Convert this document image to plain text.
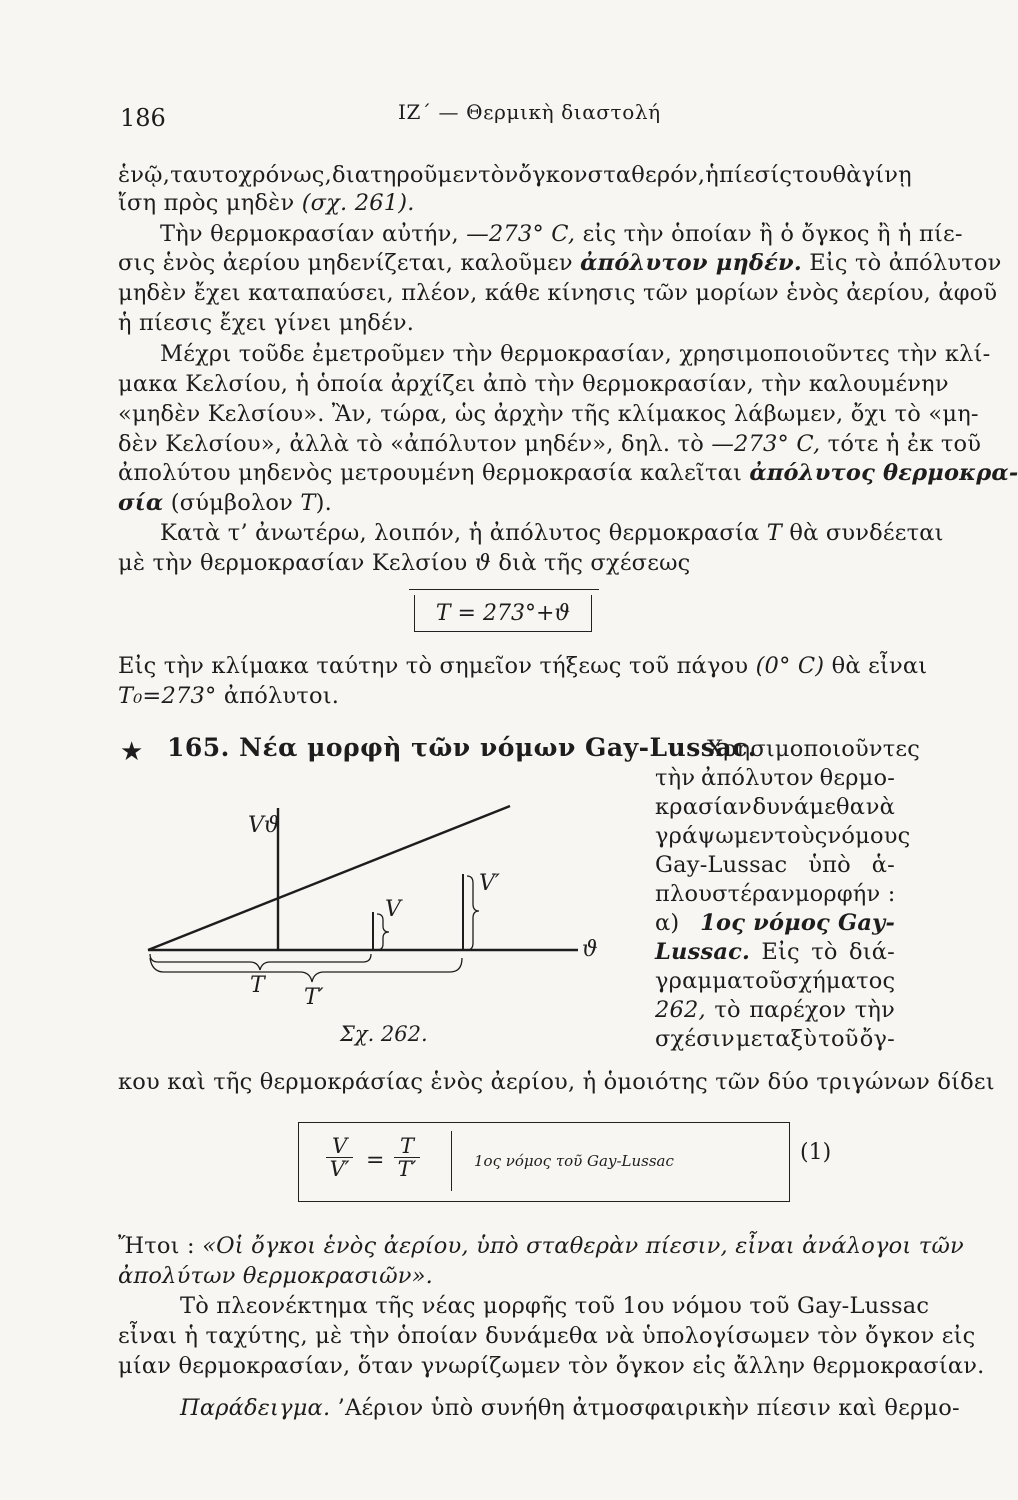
186	ΙΖ΄ — Θερμικὴ διαστολή
ἑνῷ, ταυτοχρόνως, διατηροῦμεν τὸν ὄγκον σταθερόν, ἡ πίεσίς του θὰ γίνῃ
ἴση πρὸς μηδὲν (σχ. 261).
Τὴν θερμοκρασίαν αὐτήν, —273° C, εἰς τὴν ὁποίαν ἢ ὁ ὄγκος ἢ ἡ πίε-
σις ἑνὸς ἀερίου μηδενίζεται, καλοῦμεν ἀπόλυτον μηδέν. Εἰς τὸ ἀπόλυτον
μηδὲν ἔχει καταπαύσει, πλέον, κάθε κίνησις τῶν μορίων ἑνὸς ἀερίου, ἀφοῦ
ἡ πίεσις ἔχει γίνει μηδέν.
Μέχρι τοῦδε ἐμετροῦμεν τὴν θερμοκρασίαν, χρησιμοποιοῦντες τὴν κλί-
μακα Κελσίου, ἡ ὁποία ἀρχίζει ἀπὸ τὴν θερμοκρασίαν, τὴν καλουμένην
«μηδὲν Κελσίου». Ἂν, τώρα, ὡς ἀρχὴν τῆς κλίμακος λάβωμεν, ὄχι τὸ «μη-
δὲν Κελσίου», ἀλλὰ τὸ «ἀπόλυτον μηδέν», δηλ. τὸ —273° C, τότε ἡ ἐκ τοῦ
ἀπολύτου μηδενὸς μετρουμένη θερμοκρασία καλεῖται ἀπόλυτος θερμοκρα-
σία (σύμβολον T).
Κατὰ τ’ ἀνωτέρω, λοιπόν, ἡ ἀπόλυτος θερμοκρασία T θὰ συνδέεται
μὲ τὴν θερμοκρασίαν Κελσίου ϑ διὰ τῆς σχέσεως
T = 273°+ϑ
Εἰς τὴν κλίμακα ταύτην τὸ σημεῖον τήξεως τοῦ πάγου (0° C) θὰ εἶναι
T₀=273° ἀπόλυτοι.
★ 165. Νέα μορφὴ τῶν νόμων Gay-Lussac.
Χρησιμοποιοῦντες
τὴν ἀπόλυτον θερμο-
κρασίαν δυνάμεθα νὰ
γράψωμεν τοὺς νόμους
Gay-Lussac ὑπὸ ἁ-
πλουστέραν μορφήν :
α) 1ος νόμος Gay-
Lussac. Εἰς τὸ διά-
γραμμα τοῦ σχήματος
262, τὸ παρέχον τὴν
σχέσιν μεταξὺ τοῦ ὄγ-
Vϑ
V
V′
ϑ
T T′
Σχ. 262.
κου καὶ τῆς θερμοκράσίας ἑνὸς ἀερίου, ἡ ὁμοιότης τῶν δύο τριγώνων δίδει
1ος νόμος τοῦ Gay-Lussac
$\frac{V}{V'} = \frac{T}{T'}$	(1)
Ἤτοι : «Οἱ ὄγκοι ἑνὸς ἀερίου, ὑπὸ σταθερὰν πίεσιν, εἶναι ἀνάλογοι τῶν
ἀπολύτων θερμοκρασιῶν».
Τὸ πλεονέκτημα τῆς νέας μορφῆς τοῦ 1ου νόμου τοῦ Gay-Lussac
εἶναι ἡ ταχύτης, μὲ τὴν ὁποίαν δυνάμεθα νὰ ὑπολογίσωμεν τὸν ὄγκον εἰς
μίαν θερμοκρασίαν, ὅταν γνωρίζωμεν τὸν ὄγκον εἰς ἄλλην θερμοκρασίαν.
Παράδειγμα. ’Αέριον ὑπὸ συνήθη ἀτμοσφαιρικὴν πίεσιν καὶ θερμο-
